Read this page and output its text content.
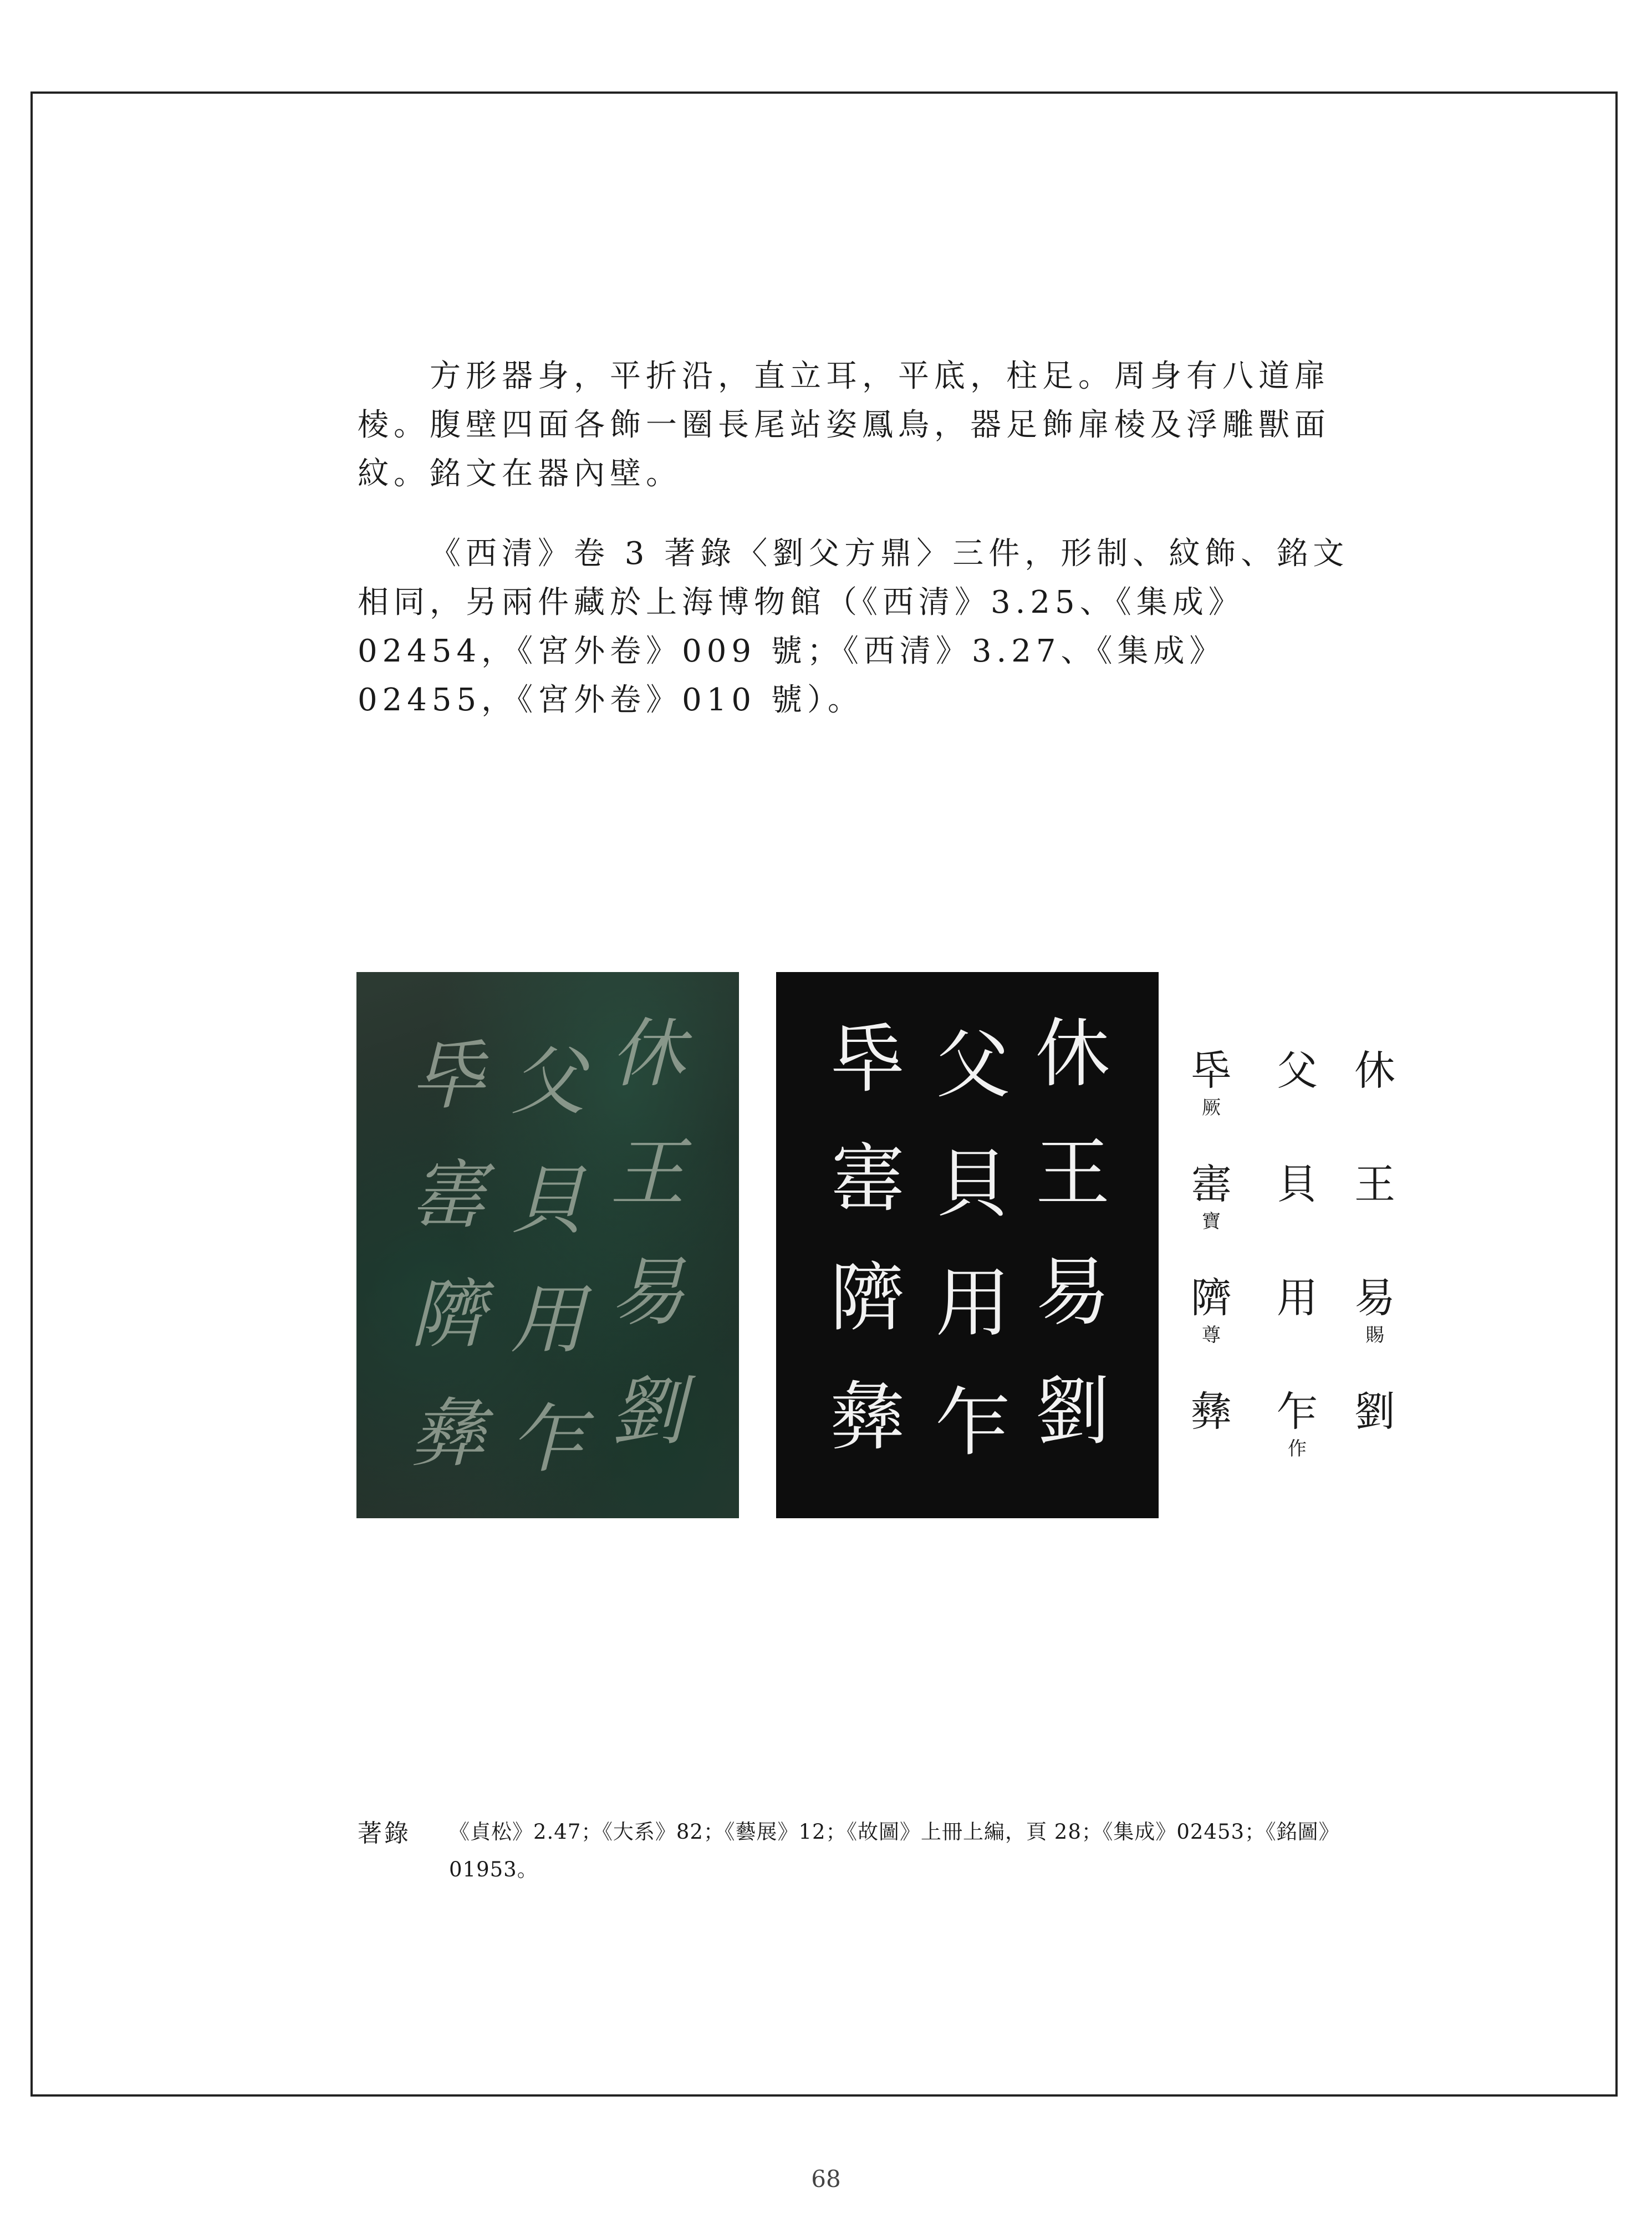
方形器身，平折沿，直立耳，平底，柱足。周身有八道扉棱。腹壁四面各飾一圈長尾站姿鳳鳥，器足飾扉棱及浮雕獸面紋。銘文在器內壁。

《西清》卷 3 著錄〈劉父方鼎〉三件，形制、紋飾、銘文相同，另兩件藏於上海博物館（《西清》3.25、《集成》02454，《宮外卷》009 號；《西清》3.27、《集成》02455，《宮外卷》010 號）。

休
王
易
劉
父
貝
用
乍
氒
寚
隮
彝
休
王
易
劉
父
貝
用
乍
氒
寚
隮
彝
休
王
易
賜
劉
父
貝
用
乍
作
氒
厥
寚
寶
隮
尊
彝
著錄 《貞松》2.47；《大系》82；《藝展》12；《故圖》上冊上編，頁 28；《集成》02453；《銘圖》01953。
68
